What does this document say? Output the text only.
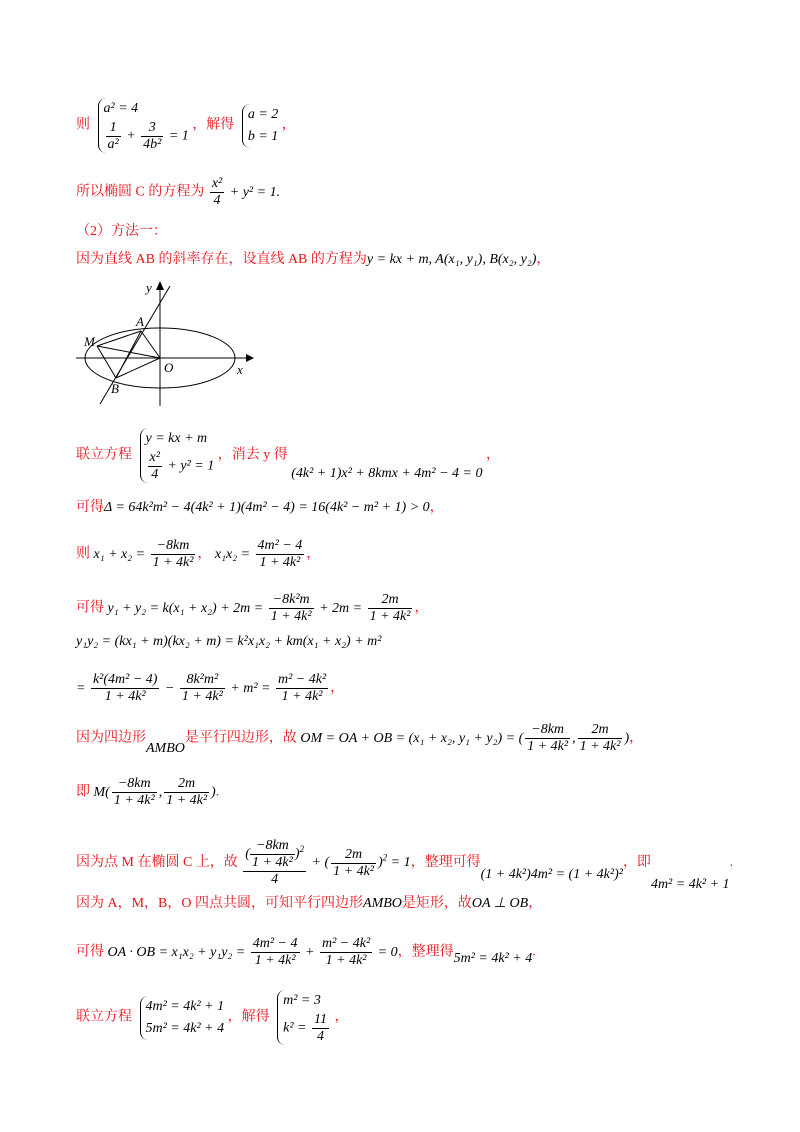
则
a² = 4
$\frac{1}{\text{a²}} + \frac{3}{\text{4b²}} = 1$
，解得
a = 2
b = 1
，
所以椭圆 C 的方程为 $\frac{\text{x²}}{4} + y^2 = 1$.
（2）方法一：
因为直线 AB 的斜率存在，设直线 AB 的方程为y = kx + m, A(x₁, y₁), B(x₂, y₂)，
y
x
A
M
O
B
联立方程
y = kx + m
$\frac{\text{x²}}{4} + y^2 = 1$
，消去 y 得 (4k² + 1)x² + 8kmx + 4m² − 4 = 0 ，
可得Δ = 64k²m² − 4(4k² + 1)(4m² − 4) = 16(4k² − m² + 1) > 0，
则 $x_1 + x_2 = \frac{-8km}{\text{1 + 4k²}}$ ， $x_1x_2 = \frac{\text{4m² − 4}}{\text{1 + 4k²}}$ ，
可得 $y_1 + y_2 = k(x_1 + x_2) + 2m = \frac{\text{−8k²m}}{\text{1 + 4k²}} + 2m = \frac{2m}{\text{1 + 4k²}}$ ，
y₁y₂ = (kx₁ + m)(kx₂ + m) = k²x₁x₂ + km(x₁ + x₂) + m²
= $\frac{\text{k²(4m² − 4)}}{\text{1 + 4k²}} - \frac{\text{8k²m²}}{\text{1 + 4k²}} + m^2 = \frac{\text{m² − 4k²}}{\text{1 + 4k²}}$ ，
因为四边形AMBO是平行四边形，故 OM = OA + OB = (x₁ + x₂, y₁ + y₂) = ( $\frac{-8km}{\text{1 + 4k²}}$ , $\frac{2m}{\text{1 + 4k²}}$ )，
即 $M( \frac{-8km}{\text{1 + 4k²}}$ , $\frac{2m}{\text{1 + 4k²}}$ ).
因为点 M 在椭圆 C 上，故 $\frac{( \frac{-8km}{\text{1 + 4k²}} )^2}{4}$ + ( $\frac{2m}{\text{1 + 4k²}} )^2 = 1$，整理可得(1 + 4k²)4m² = (1 + 4k²)²，即4m² = 4k² + 1.
因为 A，M，B，O 四点共圆，可知平行四边形AMBO是矩形，故OA ⊥ OB，
可得 OA · OB = $x_1x_2 + y_1y_2 = \frac{\text{4m² − 4}}{\text{1 + 4k²}} + \frac{\text{m² − 4k²}}{\text{1 + 4k²}} = 0$，整理得5m² = 4k² + 4.
联立方程
4m² = 4k² + 1
5m² = 4k² + 4
，解得
m² = 3
$k^2 = \frac{11}{4}$ ，
